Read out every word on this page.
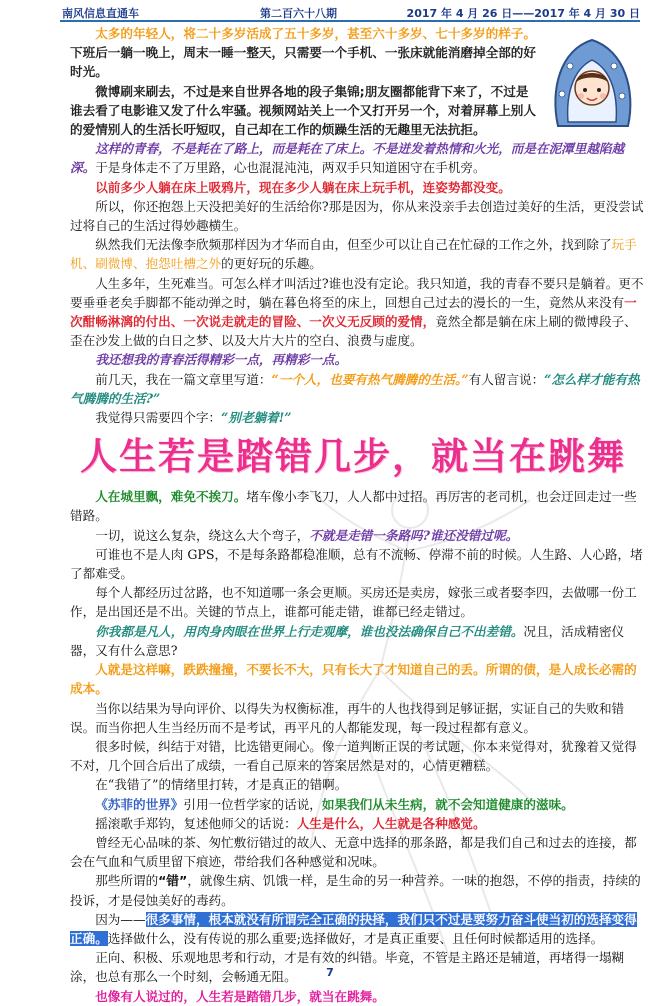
南风信息直通车	第二百六十八期	2017 年 4 月 26 日——2017 年 4 月 30 日

太多的年轻人，将二十多岁活成了五十多岁，甚至六十多岁、七十多岁的样子。下班后一躺一晚上，周末一睡一整天，只需要一个手机、一张床就能消磨掉全部的好时光。

微博刷来刷去，不过是来自世界各地的段子集锦;朋友圈都能背下来了，不过是谁去看了电影谁又发了什么牢骚。视频网站关上一个又打开另一个，对着屏幕上别人的爱情别人的生活长吁短叹，自己却在工作的烦躁生活的无趣里无法抗拒。

这样的青春，不是耗在了路上，而是耗在了床上。不是迸发着热情和火光，而是在泥潭里越陷越深。于是身体走不了万里路，心也混混沌沌，两双手只知道困守在手机旁。

以前多少人躺在床上吸鸦片，现在多少人躺在床上玩手机，连姿势都没变。

所以，你还抱怨上天没把美好的生活给你?那是因为，你从来没亲手去创造过美好的生活，更没尝试过将自己的生活过得妙趣横生。

纵然我们无法像李欣频那样因为才华而自由，但至少可以让自己在忙碌的工作之外，找到除了玩手机、刷微博、抱怨吐槽之外的更好玩的乐趣。

人生多年，生死难当。可怎么样才叫活过?谁也没有定论。我只知道，我的青春不要只是躺着。更不要垂垂老矣手脚都不能动弹之时，躺在暮色将至的床上，回想自己过去的漫长的一生，竟然从来没有一次酣畅淋漓的付出、一次说走就走的冒险、一次义无反顾的爱情，竟然全都是躺在床上刷的微博段子、歪在沙发上做的白日之梦、以及大片大片的空白、浪费与虚度。

我还想我的青春活得精彩一点，再精彩一点。

前几天，我在一篇文章里写道：“一个人，也要有热气腾腾的生活。”有人留言说：“怎么样才能有热气腾腾的生活?”

我觉得只需要四个字：“别老躺着!”

人生若是踏错几步，就当在跳舞

人在城里飘，难免不挨刀。堵车像小李飞刀，人人都中过招。再厉害的老司机，也会迂回走过一些错路。

一切，说这么复杂，绕这么大个弯子，不就是走错一条路吗?谁还没错过呢。

可谁也不是人肉 GPS，不是每条路都稳准顺，总有不流畅、停滞不前的时候。人生路、人心路，堵了都难受。

每个人都经历过岔路，也不知道哪一条会更顺。买房还是卖房，嫁张三或者娶李四，去做哪一份工作，是出国还是不出。关键的节点上，谁都可能走错，谁都已经走错过。

你我都是凡人，用肉身肉眼在世界上行走观摩，谁也没法确保自己不出差错。况且，活成精密仪器，又有什么意思?

人就是这样嘛，跌跌撞撞，不要长不大，只有长大了才知道自己的丢。所谓的债，是人成长必需的成本。

当你以结果为导向评价、以得失为权衡标准，再牛的人也找得到足够证据，实证自己的失败和错误。而当你把人生当经历而不是考试，再平凡的人都能发现，每一段过程都有意义。

很多时候，纠结于对错，比选错更闹心。像一道判断正误的考试题，你本来觉得对，犹豫着又觉得不对，几个回合后出了成绩，一看自己原来的答案居然是对的，心情更糟糕。

在“我错了”的情绪里打转，才是真正的错啊。

《苏菲的世界》引用一位哲学家的话说，如果我们从未生病，就不会知道健康的滋味。

摇滚歌手郑钧，复述他师父的话说：人生是什么，人生就是各种感觉。

曾经无心品味的茶、匆忙敷衍错过的故人、无意中选择的那条路，都是我们自己和过去的连接，都会在气血和气质里留下痕迹，带给我们各种感觉和况味。

那些所谓的“错”，就像生病、饥饿一样，是生命的另一种营养。一味的抱怨，不停的指责，持续的投诉，才是侵蚀美好的毒药。

因为——很多事情，根本就没有所谓完全正确的抉择，我们只不过是要努力奋斗使当初的选择变得正确。选择做什么，没有传说的那么重要;选择做好，才是真正重要、且任何时候都适用的选择。

正向、积极、乐观地思考和行动，才是有效的纠错。毕竟，不管是主路还是辅道，再堵得一塌糊涂，也总有那么一个时刻，会畅通无阻。

也像有人说过的，人生若是踏错几步，就当在跳舞。

7
